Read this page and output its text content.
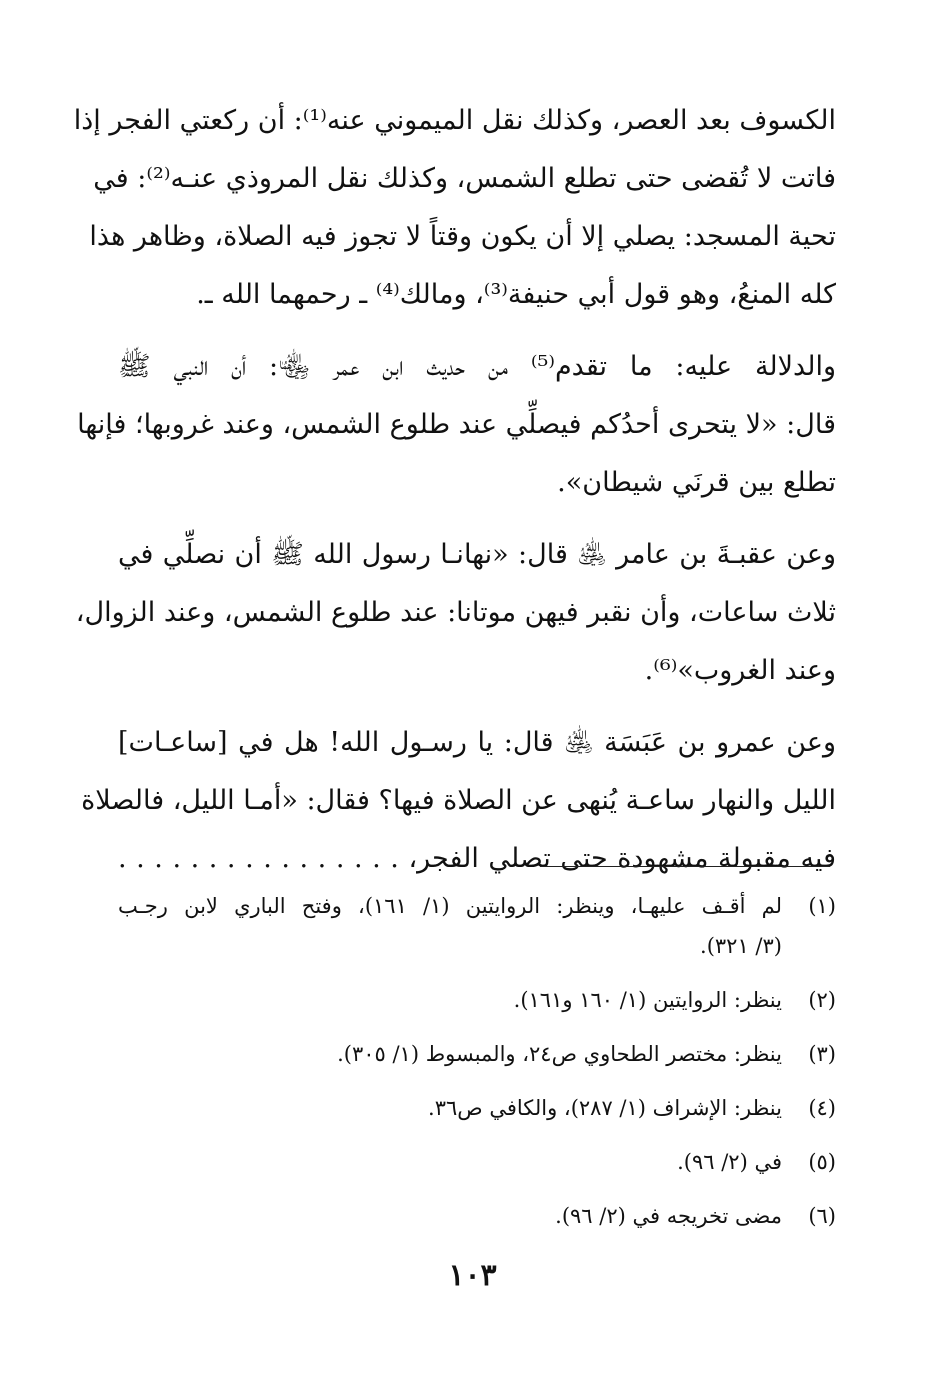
الكسوف بعد العصر، وكذلك نقل الميموني عنه⁽¹⁾: أن ركعتي الفجر إذا
فاتت لا تُقضى حتى تطلع الشمس، وكذلك نقل المروذي عنـه⁽²⁾: في
تحية المسجد: يصلي إلا أن يكون وقتاً لا تجوز فيه الصلاة، وظاهر هذا
كله المنعُ، وهو قول أبي حنيفة⁽³⁾، ومالك⁽⁴⁾ ـ رحمهما الله ـ.

والدلالة عليه: ما تقدم⁽⁵⁾ من حديث ابن عمر ﵄: أن النبي ﷺ
قال: «لا يتحرى أحدُكم فيصلِّي عند طلوع الشمس، وعند غروبها؛ فإنها
تطلع بين قرنَي شيطان».

وعن عقبـةَ بن عامر ﵁ قال: «نهانـا رسول الله ﷺ أن نصلِّي في
ثلاث ساعات، وأن نقبر فيهن موتانا: عند طلوع الشمس، وعند الزوال،
وعند الغروب»⁽⁶⁾.

وعن عمرو بن عَبَسَة ﵁ قال: يا رسـول الله! هل في [ساعـات]
الليل والنهار ساعـة يُنهى عن الصلاة فيها؟ فقال: «أمـا الليل، فالصلاة
فيه مقبولة مشهودة حتى تصلي الفجر، . . . . . . . . . . . . . . . .

(١)
لم أقـف عليهـا، وينظر: الروايتين (١/ ١٦١)، وفتح الباري لابن رجـب
(٣/ ٣٢١).
(٢)
ينظر: الروايتين (١/ ١٦٠ و١٦١).
(٣)
ينظر: مختصر الطحاوي ص٢٤، والمبسوط (١/ ٣٠٥).
(٤)
ينظر: الإشراف (١/ ٢٨٧)، والكافي ص٣٦.
(٥)
في (٢/ ٩٦).
(٦)
مضى تخريجه في (٢/ ٩٦).
١٠٣
